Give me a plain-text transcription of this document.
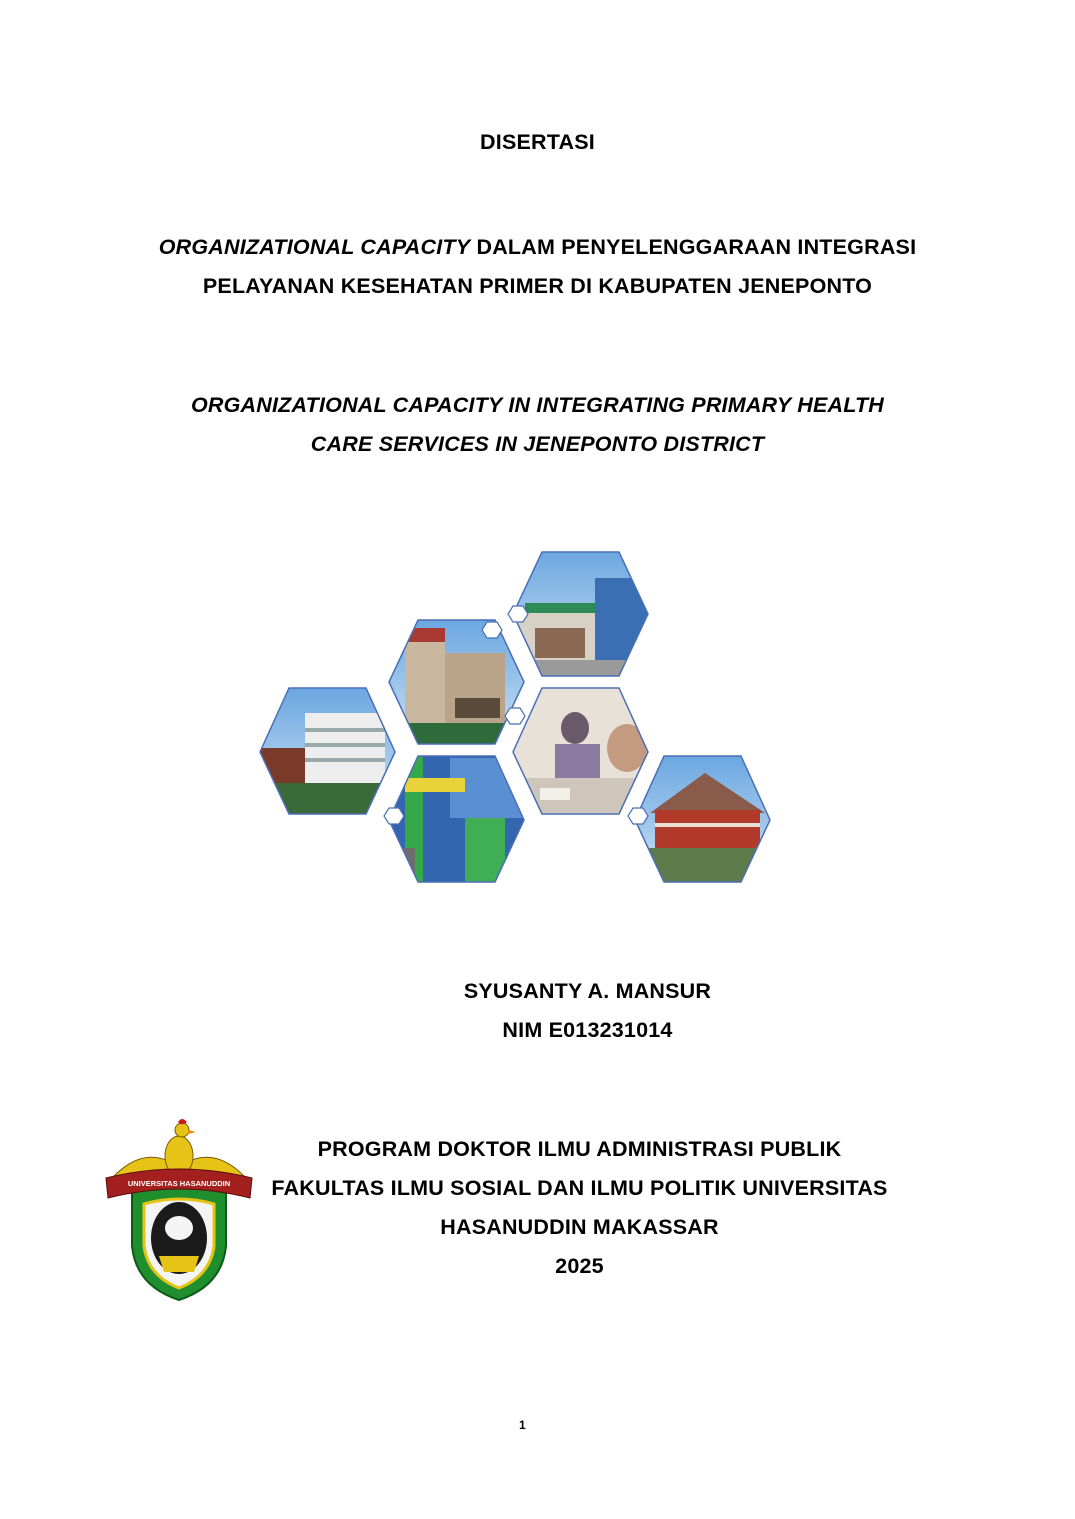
DISERTASI
ORGANIZATIONAL CAPACITY DALAM PENYELENGGARAAN INTEGRASI
PELAYANAN KESEHATAN PRIMER DI KABUPATEN JENEPONTO
ORGANIZATIONAL CAPACITY IN INTEGRATING PRIMARY HEALTH
CARE SERVICES IN JENEPONTO DISTRICT
SYUSANTY A. MANSUR
NIM E013231014
UNIVERSITAS HASANUDDIN
PROGRAM DOKTOR ILMU ADMINISTRASI PUBLIK
FAKULTAS ILMU SOSIAL DAN ILMU POLITIK UNIVERSITAS
HASANUDDIN MAKASSAR
2025
1
